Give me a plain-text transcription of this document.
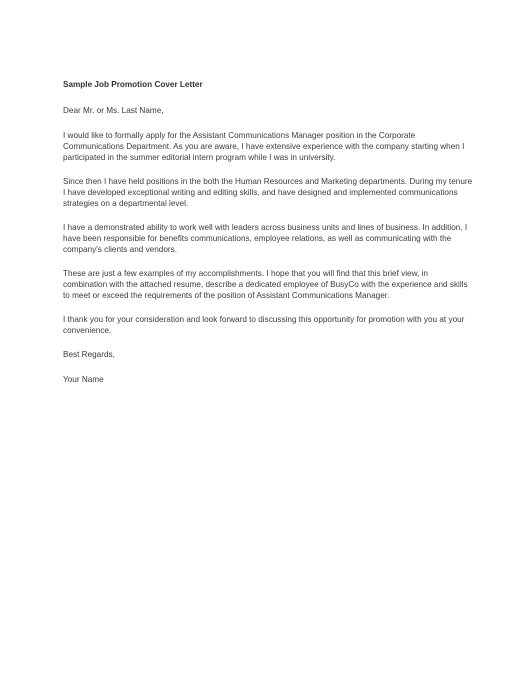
Sample Job Promotion Cover Letter

Dear Mr. or Ms. Last Name,

I would like to formally apply for the Assistant Communications Manager position in the Corporate Communications Department. As you are aware, I have extensive experience with the company starting when I participated in the summer editorial intern program while I was in university.

Since then I have held positions in the both the Human Resources and Marketing departments. During my tenure I have developed exceptional writing and editing skills, and have designed and implemented communications strategies on a departmental level.

I have a demonstrated ability to work well with leaders across business units and lines of business. In addition, I have been responsible for benefits communications, employee relations, as well as communicating with the company's clients and vendors.

These are just a few examples of my accomplishments. I hope that you will find that this brief view, in combination with the attached resume, describe a dedicated employee of BusyCo with the experience and skills to meet or exceed the requirements of the position of Assistant Communications Manager.

I thank you for your consideration and look forward to discussing this opportunity for promotion with you at your convenience.

Best Regards,

Your Name
